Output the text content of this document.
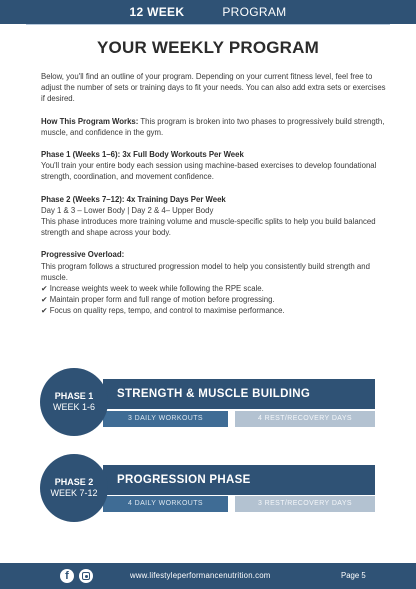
12 WEEK	PROGRAM
YOUR WEEKLY PROGRAM

Below, you'll find an outline of your program. Depending on your current fitness level, feel free to adjust the number of sets or training days to fit your needs. You can also add extra sets or exercises if desired.

How This Program Works: This program is broken into two phases to progressively build strength, muscle, and confidence in the gym.

Phase 1 (Weeks 1–6): 3x Full Body Workouts Per Week

You'll train your entire body each session using machine-based exercises to develop foundational strength, coordination, and movement confidence.

Phase 2 (Weeks 7–12): 4x Training Days Per Week

Day 1 & 3 – Lower Body | Day 2 & 4– Upper Body

This phase introduces more training volume and muscle-specific splits to help you build balanced strength and shape across your body.

Progressive Overload:

This program follows a structured progression model to help you consistently build strength and muscle.

✔ Increase weights week to week while following the RPE scale.
✔ Maintain proper form and full range of motion before progressing.
✔ Focus on quality reps, tempo, and control to maximise performance.
STRENGTH & MUSCLE BUILDING
3 DAILY WORKOUTS	4 REST/RECOVERY DAYS
PHASE 1
WEEK 1-6
PROGRESSION PHASE
4 DAILY WORKOUTS	3 REST/RECOVERY DAYS
PHASE 2
WEEK 7-12
f	www.lifestyleperformancenutrition.com	Page 5
